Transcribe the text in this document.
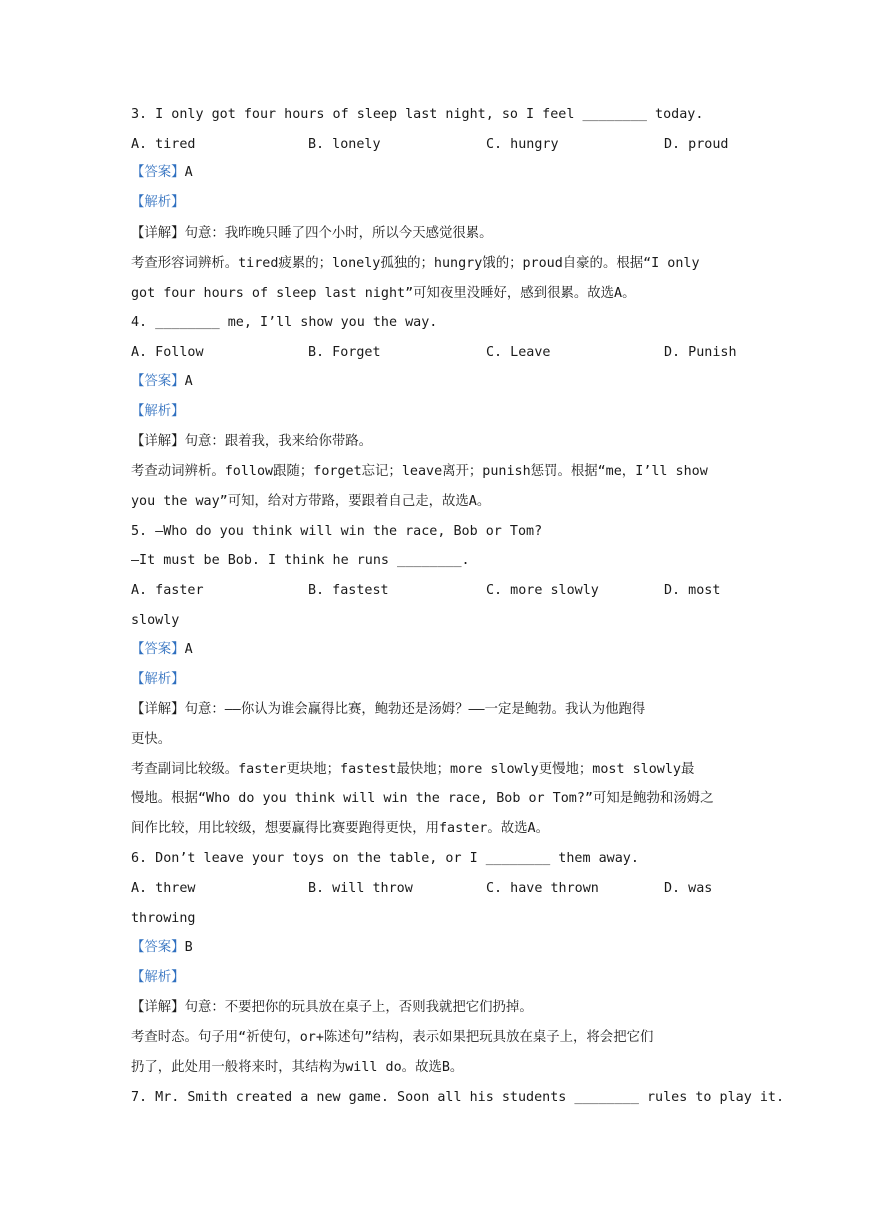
3. I only got four hours of sleep last night, so I feel ________ today.
A. tired	B. lonely	C. hungry	D. proud
【答案】A
【解析】
【详解】句意：我昨晚只睡了四个小时，所以今天感觉很累。
考查形容词辨析。tired疲累的；lonely孤独的；hungry饿的；proud自豪的。根据“I only
got four hours of sleep last night”可知夜里没睡好，感到很累。故选A。
4. ________ me, I’ll show you the way.
A. Follow	B. Forget	C. Leave	D. Punish
【答案】A
【解析】
【详解】句意：跟着我，我来给你带路。
考查动词辨析。follow跟随；forget忘记；leave离开；punish惩罚。根据“me，I’ll show
you the way”可知，给对方带路，要跟着自己走，故选A。
5. —Who do you think will win the race, Bob or Tom?
—It must be Bob. I think he runs ________.
A. faster	B. fastest	C. more slowly	D. most
slowly
【答案】A
【解析】
【详解】句意：——你认为谁会赢得比赛，鲍勃还是汤姆？——一定是鲍勃。我认为他跑得
更快。
考查副词比较级。faster更块地；fastest最快地；more slowly更慢地；most slowly最
慢地。根据“Who do you think will win the race, Bob or Tom?”可知是鲍勃和汤姆之
间作比较，用比较级，想要赢得比赛要跑得更快，用faster。故选A。
6. Don’t leave your toys on the table, or I ________ them away.
A. threw	B. will throw	C. have thrown	D. was
throwing
【答案】B
【解析】
【详解】句意：不要把你的玩具放在桌子上，否则我就把它们扔掉。
考查时态。句子用“祈使句，or+陈述句”结构，表示如果把玩具放在桌子上，将会把它们
扔了，此处用一般将来时，其结构为will do。故选B。
7. Mr. Smith created a new game. Soon all his students ________ rules to play it.
